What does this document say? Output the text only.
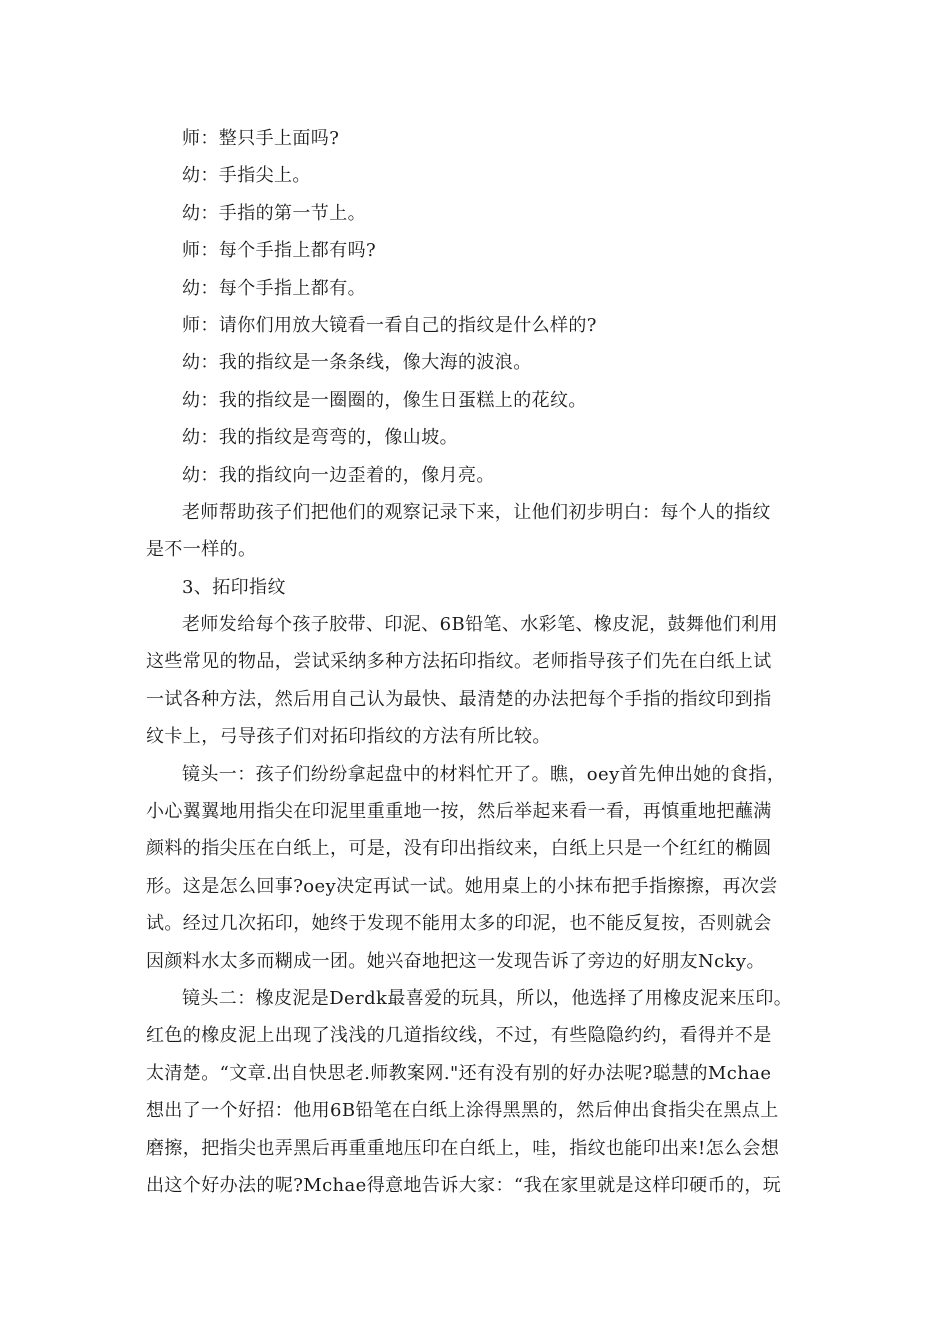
师：整只手上面吗?
幼：手指尖上。
幼：手指的第一节上。
师：每个手指上都有吗?
幼：每个手指上都有。
师：请你们用放大镜看一看自己的指纹是什么样的?
幼：我的指纹是一条条线，像大海的波浪。
幼：我的指纹是一圈圈的，像生日蛋糕上的花纹。
幼：我的指纹是弯弯的，像山坡。
幼：我的指纹向一边歪着的，像月亮。
老师帮助孩子们把他们的观察记录下来，让他们初步明白：每个人的指纹
是不一样的。
3、拓印指纹
老师发给每个孩子胶带、印泥、6B铅笔、水彩笔、橡皮泥，鼓舞他们利用
这些常见的物品，尝试采纳多种方法拓印指纹。老师指导孩子们先在白纸上试
一试各种方法，然后用自己认为最快、最清楚的办法把每个手指的指纹印到指
纹卡上，弓导孩子们对拓印指纹的方法有所比较。
镜头一：孩子们纷纷拿起盘中的材料忙开了。瞧，oey首先伸出她的食指，
小心翼翼地用指尖在印泥里重重地一按，然后举起来看一看，再慎重地把蘸满
颜料的指尖压在白纸上，可是，没有印出指纹来，白纸上只是一个红红的椭圆
形。这是怎么回事?oey决定再试一试。她用桌上的小抹布把手指擦擦，再次尝
试。经过几次拓印，她终于发现不能用太多的印泥，也不能反复按，否则就会
因颜料水太多而糊成一团。她兴奋地把这一发现告诉了旁边的好朋友Ncky。
镜头二：橡皮泥是Derdk最喜爱的玩具，所以，他选择了用橡皮泥来压印。
红色的橡皮泥上出现了浅浅的几道指纹线，不过，有些隐隐约约，看得并不是
太清楚。“文章.出自快思老.师教案网."还有没有别的好办法呢?聪慧的Mchae
想出了一个好招：他用6B铅笔在白纸上涂得黑黑的，然后伸出食指尖在黑点上
磨擦，把指尖也弄黑后再重重地压印在白纸上，哇，指纹也能印出来!怎么会想
出这个好办法的呢?Mchae得意地告诉大家：“我在家里就是这样印硬币的，玩
